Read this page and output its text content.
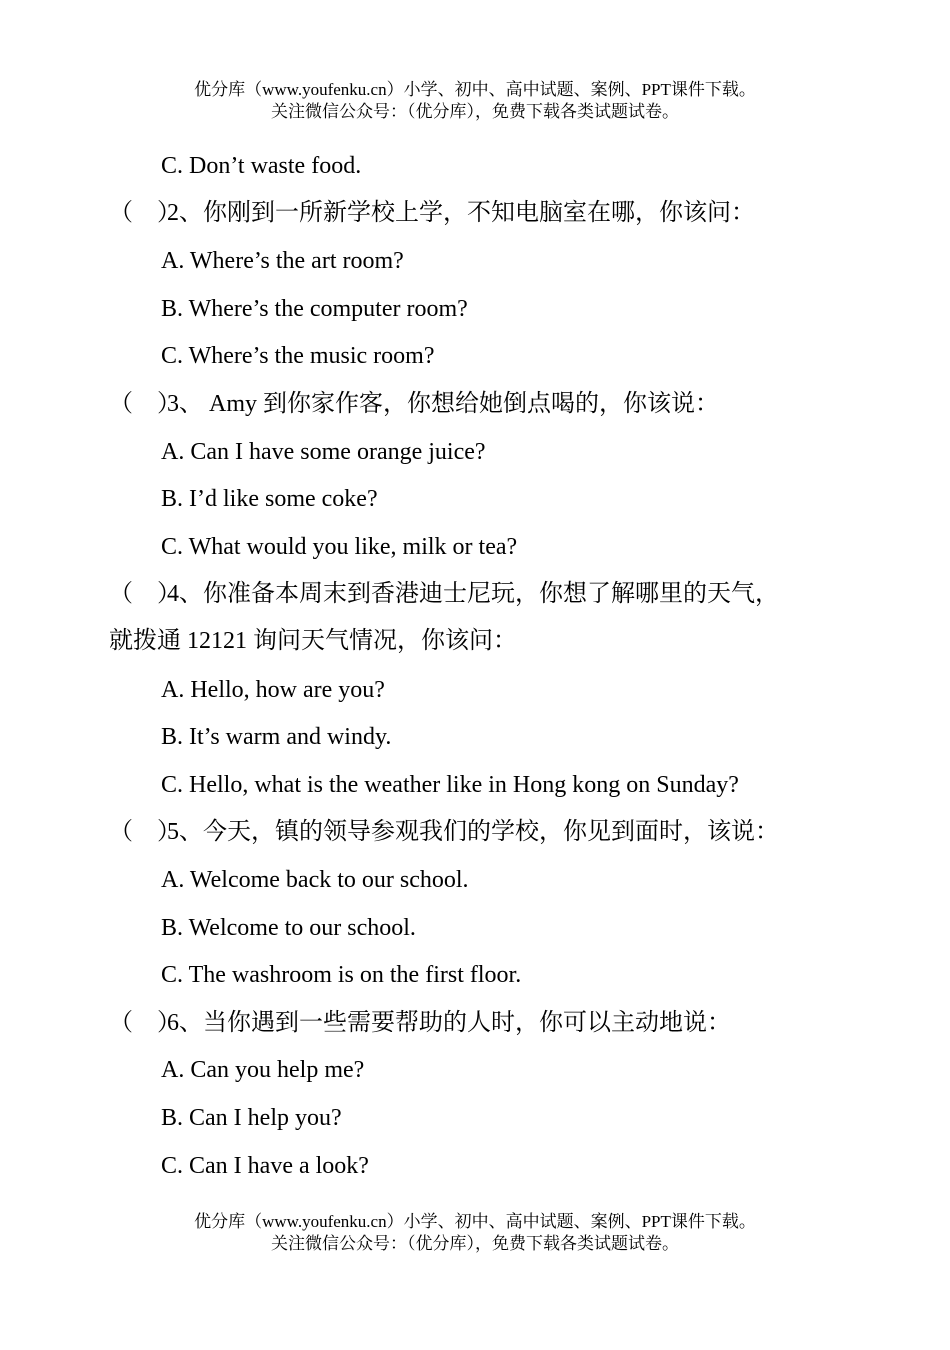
优分库（www.youfenku.cn）小学、初中、高中试题、案例、PPT课件下载。
关注微信公众号：（优分库），免费下载各类试题试卷。
C. Don’t waste food.
（　）2、你刚到一所新学校上学，不知电脑室在哪，你该问：
A. Where’s the art room?
B. Where’s the computer room?
C. Where’s the music room?
（　）3、 Amy 到你家作客，你想给她倒点喝的，你该说：
A. Can I have some orange juice?
B. I’d like some coke?
C. What would you like, milk or tea?
（　）4、你准备本周末到香港迪士尼玩，你想了解哪里的天气，
就拨通 12121 询问天气情况，你该问：
A. Hello, how are you?
B. It’s warm and windy.
C. Hello, what is the weather like in Hong kong on Sunday?
（　）5、今天，镇的领导参观我们的学校，你见到面时，该说：
A. Welcome back to our school.
B. Welcome to our school.
C. The washroom is on the first floor.
（　）6、当你遇到一些需要帮助的人时，你可以主动地说：
A. Can you help me?
B. Can I help you?
C. Can I have a look?
优分库（www.youfenku.cn）小学、初中、高中试题、案例、PPT课件下载。
关注微信公众号：（优分库），免费下载各类试题试卷。
